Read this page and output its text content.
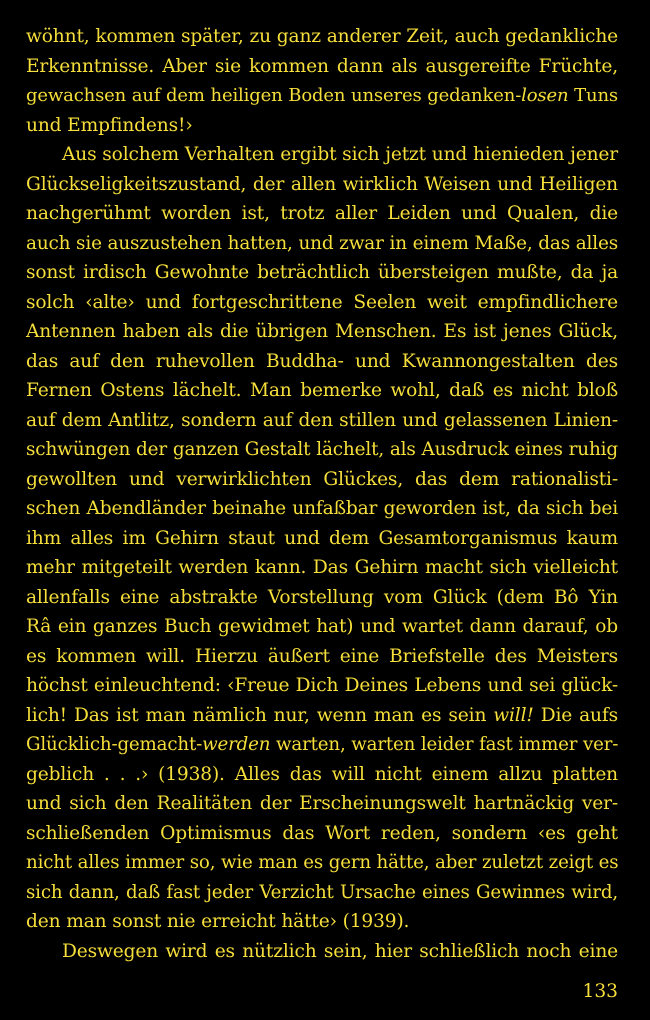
wöhnt, kommen später, zu ganz anderer Zeit, auch gedankliche
Erkenntnisse. Aber sie kommen dann als ausgereifte Früchte,
gewachsen auf dem heiligen Boden unseres gedanken-losen Tuns
und Empfindens!›
Aus solchem Verhalten ergibt sich jetzt und hienieden jener
Glückseligkeitszustand, der allen wirklich Weisen und Heiligen
nachgerühmt worden ist, trotz aller Leiden und Qualen, die
auch sie auszustehen hatten, und zwar in einem Maße, das alles
sonst irdisch Gewohnte beträchtlich übersteigen mußte, da ja
solch ‹alte› und fortgeschrittene Seelen weit empfindlichere
Antennen haben als die übrigen Menschen. Es ist jenes Glück,
das auf den ruhevollen Buddha- und Kwannongestalten des
Fernen Ostens lächelt. Man bemerke wohl, daß es nicht bloß
auf dem Antlitz, sondern auf den stillen und gelassenen Linien-
schwüngen der ganzen Gestalt lächelt, als Ausdruck eines ruhig
gewollten und verwirklichten Glückes, das dem rationalisti-
schen Abendländer beinahe unfaßbar geworden ist, da sich bei
ihm alles im Gehirn staut und dem Gesamtorganismus kaum
mehr mitgeteilt werden kann. Das Gehirn macht sich vielleicht
allenfalls eine abstrakte Vorstellung vom Glück (dem Bô Yin
Râ ein ganzes Buch gewidmet hat) und wartet dann darauf, ob
es kommen will. Hierzu äußert eine Briefstelle des Meisters
höchst einleuchtend: ‹Freue Dich Deines Lebens und sei glück-
lich! Das ist man nämlich nur, wenn man es sein will! Die aufs
Glücklich-gemacht-werden warten, warten leider fast immer ver-
geblich . . .› (1938). Alles das will nicht einem allzu platten
und sich den Realitäten der Erscheinungswelt hartnäckig ver-
schließenden Optimismus das Wort reden, sondern ‹es geht
nicht alles immer so, wie man es gern hätte, aber zuletzt zeigt es
sich dann, daß fast jeder Verzicht Ursache eines Gewinnes wird,
den man sonst nie erreicht hätte› (1939).
Deswegen wird es nützlich sein, hier schließlich noch eine
133
